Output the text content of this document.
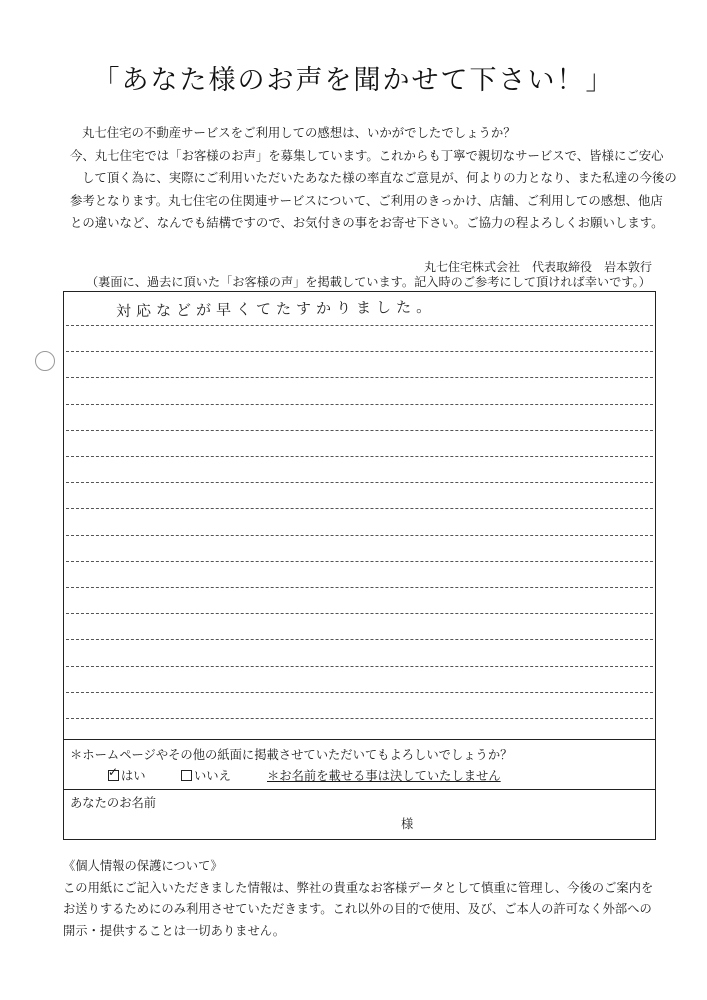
「あなた様のお声を聞かせて下さい！」

丸七住宅の不動産サービスをご利用しての感想は、いかがでしたでしょうか？

今、丸七住宅では「お客様のお声」を募集しています。これからも丁寧で親切なサービスで、皆様にご安心

して頂く為に、実際にご利用いただいたあなた様の率直なご意見が、何よりの力となり、また私達の今後の

参考となります。丸七住宅の住関連サービスについて、ご利用のきっかけ、店舗、ご利用しての感想、他店

との違いなど、なんでも結構ですので、お気付きの事をお寄せ下さい。ご協力の程よろしくお願いします。

丸七住宅株式会社　代表取締役　岩本敦行
（裏面に、過去に頂いた「お客様の声」を掲載しています。記入時のご参考にして頂ければ幸いです。）
対応などが早くてたすかりました。
＊ホームページやその他の紙面に掲載させていただいてもよろしいでしょうか？
✓ はい	いいえ	＊お名前を載せる事は決していたしません
あなたのお名前
様

《個人情報の保護について》

この用紙にご記入いただきました情報は、弊社の貴重なお客様データとして慎重に管理し、今後のご案内を

お送りするためにのみ利用させていただきます。これ以外の目的で使用、及び、ご本人の許可なく外部への

開示・提供することは一切ありません。
